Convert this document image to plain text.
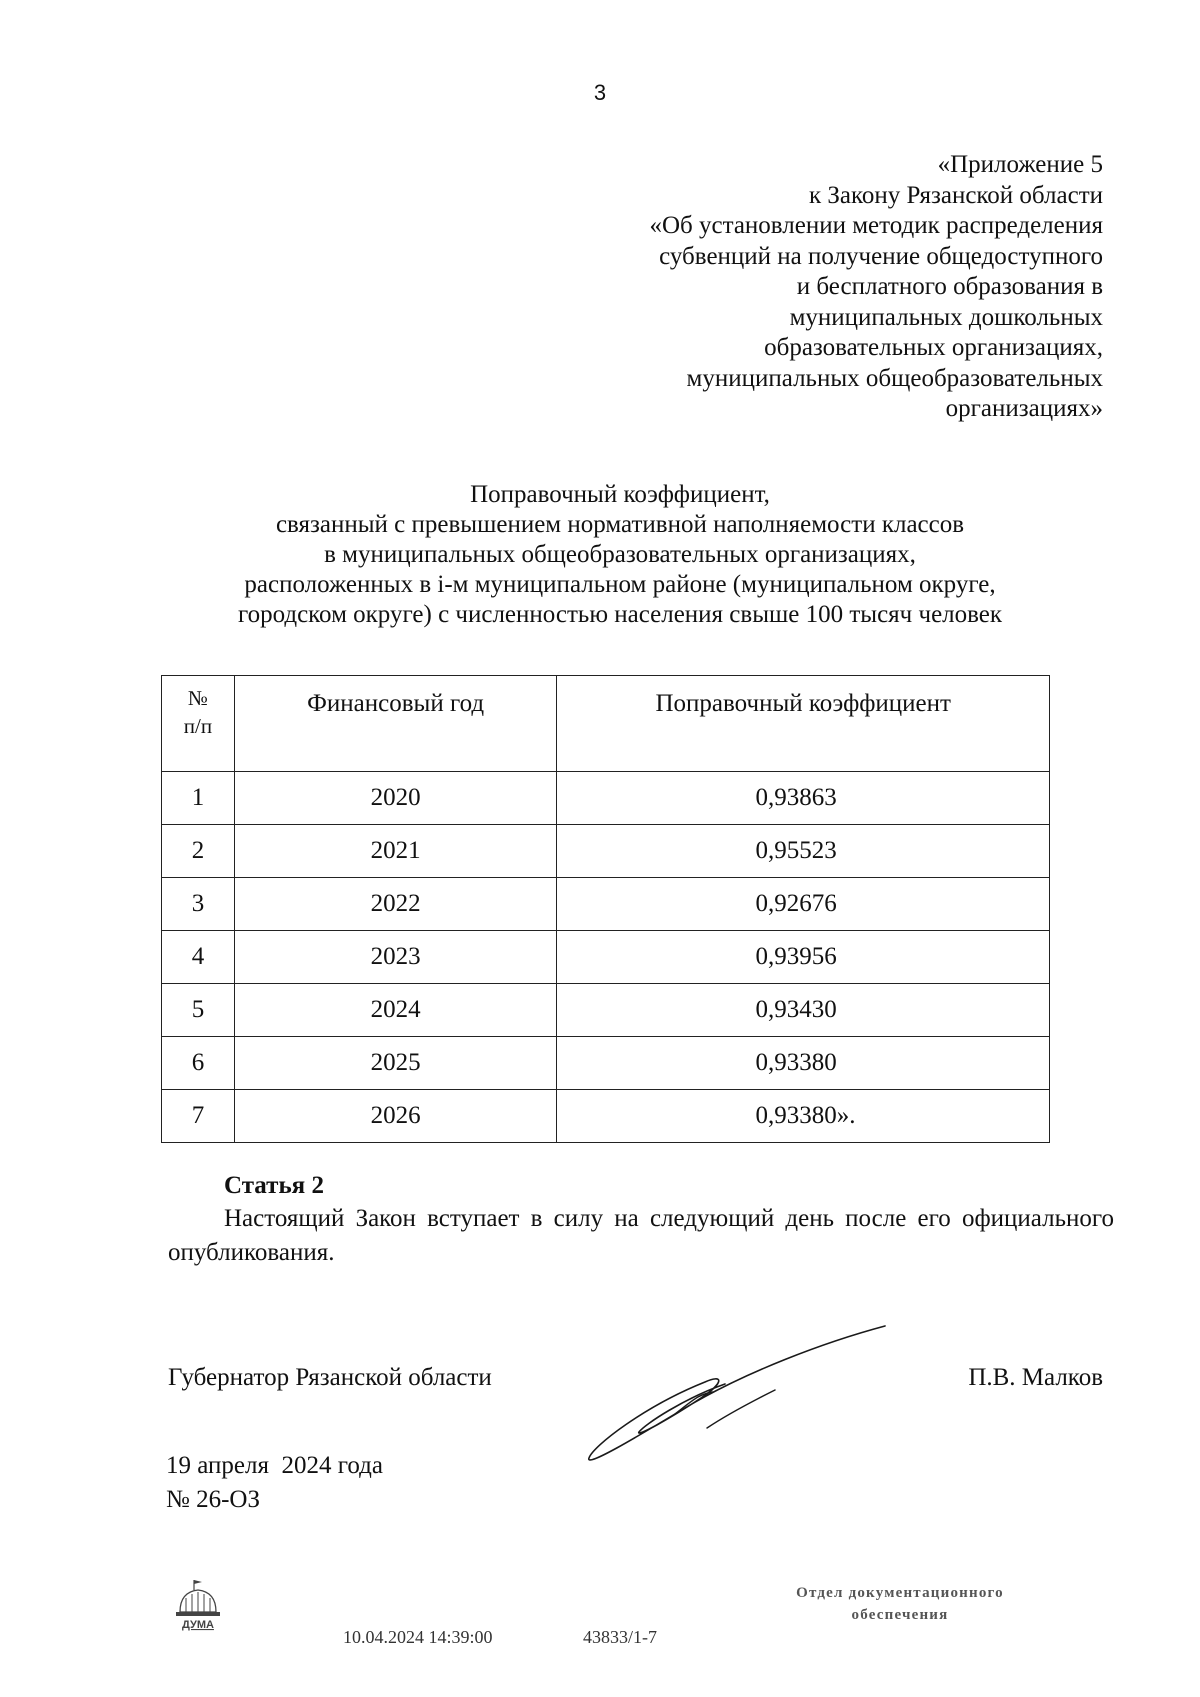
3
«Приложение 5
к Закону Рязанской области
«Об установлении методик распределения
субвенций на получение общедоступного
и бесплатного образования в
муниципальных дошкольных
образовательных организациях,
муниципальных общеобразовательных
организациях»
Поправочный коэффициент,
связанный с превышением нормативной наполняемости классов
в муниципальных общеобразовательных организациях,
расположенных в i-м муниципальном районе (муниципальном округе,
городском округе) с численностью населения свыше 100 тысяч человек
№
п/п	Финансовый год	Поправочный коэффициент
1	2020	0,93863
2	2021	0,95523
3	2022	0,92676
4	2023	0,93956
5	2024	0,93430
6	2025	0,93380
7	2026	0,93380».
Статья 2
Настоящий Закон вступает в силу на следующий день после его официального опубликования.
Губернатор Рязанской области	П.В. Малков
19 апреля  2024 года
№ 26-ОЗ
ДУМА
10.04.2024 14:39:00	43833/1-7
Отдел документационного
обеспечения
